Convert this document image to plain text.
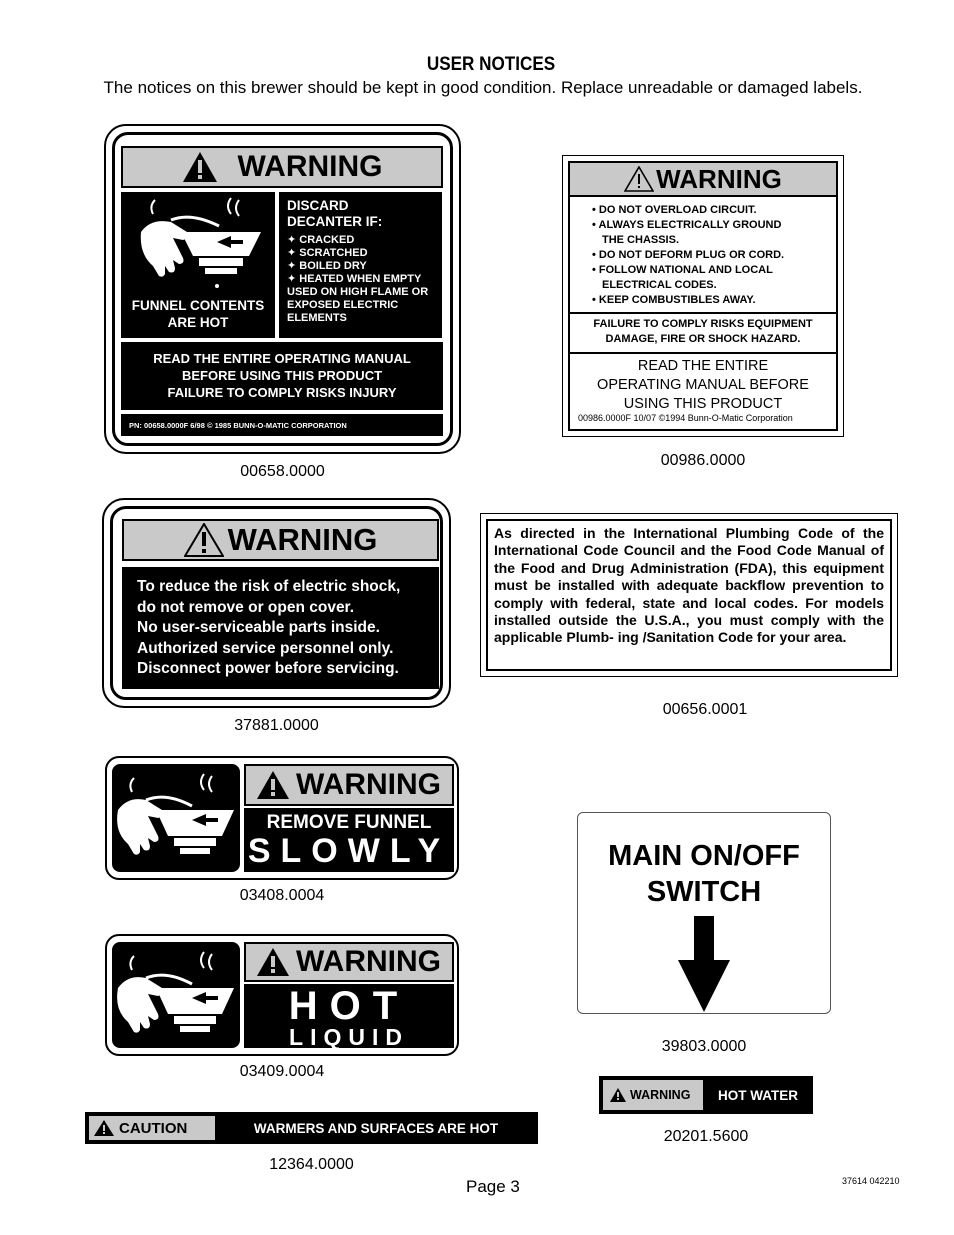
USER NOTICES
The notices on this brewer should be kept in good condition. Replace unreadable or damaged labels.
WARNING
FUNNEL CONTENTS
ARE HOT
DISCARD DECANTER IF:
✦ CRACKED
✦ SCRATCHED
✦ BOILED DRY
✦ HEATED WHEN EMPTY USED ON HIGH FLAME OR EXPOSED ELECTRIC ELEMENTS
READ THE ENTIRE OPERATING MANUAL
BEFORE USING THIS PRODUCT
FAILURE TO COMPLY RISKS INJURY
PN: 00658.0000F 6/98 © 1985 BUNN-O-MATIC CORPORATION
00658.0000
WARNING
• DO NOT OVERLOAD CIRCUIT.
• ALWAYS ELECTRICALLY GROUND
THE CHASSIS.
• DO NOT DEFORM PLUG OR CORD.
• FOLLOW NATIONAL AND LOCAL
ELECTRICAL CODES.
• KEEP COMBUSTIBLES AWAY.
FAILURE TO COMPLY RISKS EQUIPMENT
DAMAGE, FIRE OR SHOCK HAZARD.
READ THE ENTIRE
OPERATING MANUAL BEFORE
USING THIS PRODUCT
00986.0000F 10/07 ©1994 Bunn-O-Matic Corporation
00986.0000
WARNING
To reduce the risk of electric shock,
do not remove or open cover.
No user-serviceable parts inside.
Authorized service personnel only.
Disconnect power before servicing.
37881.0000
As directed in the International Plumbing Code of the International Code Council and the Food Code Manual of the Food and Drug Administration (FDA), this equipment must be installed with adequate backflow prevention to comply with federal, state and local codes. For models installed outside the U.S.A., you must comply with the applicable Plumb- ing /Sanitation Code for your area.
00656.0001
WARNING
REMOVE FUNNEL
SLOWLY
03408.0004
WARNING
HOT
LIQUID
03409.0004
CAUTION	WARMERS AND SURFACES ARE HOT
12364.0000
MAIN ON/OFF
SWITCH
39803.0000
WARNING	HOT WATER
20201.5600
Page 3	37614 042210
